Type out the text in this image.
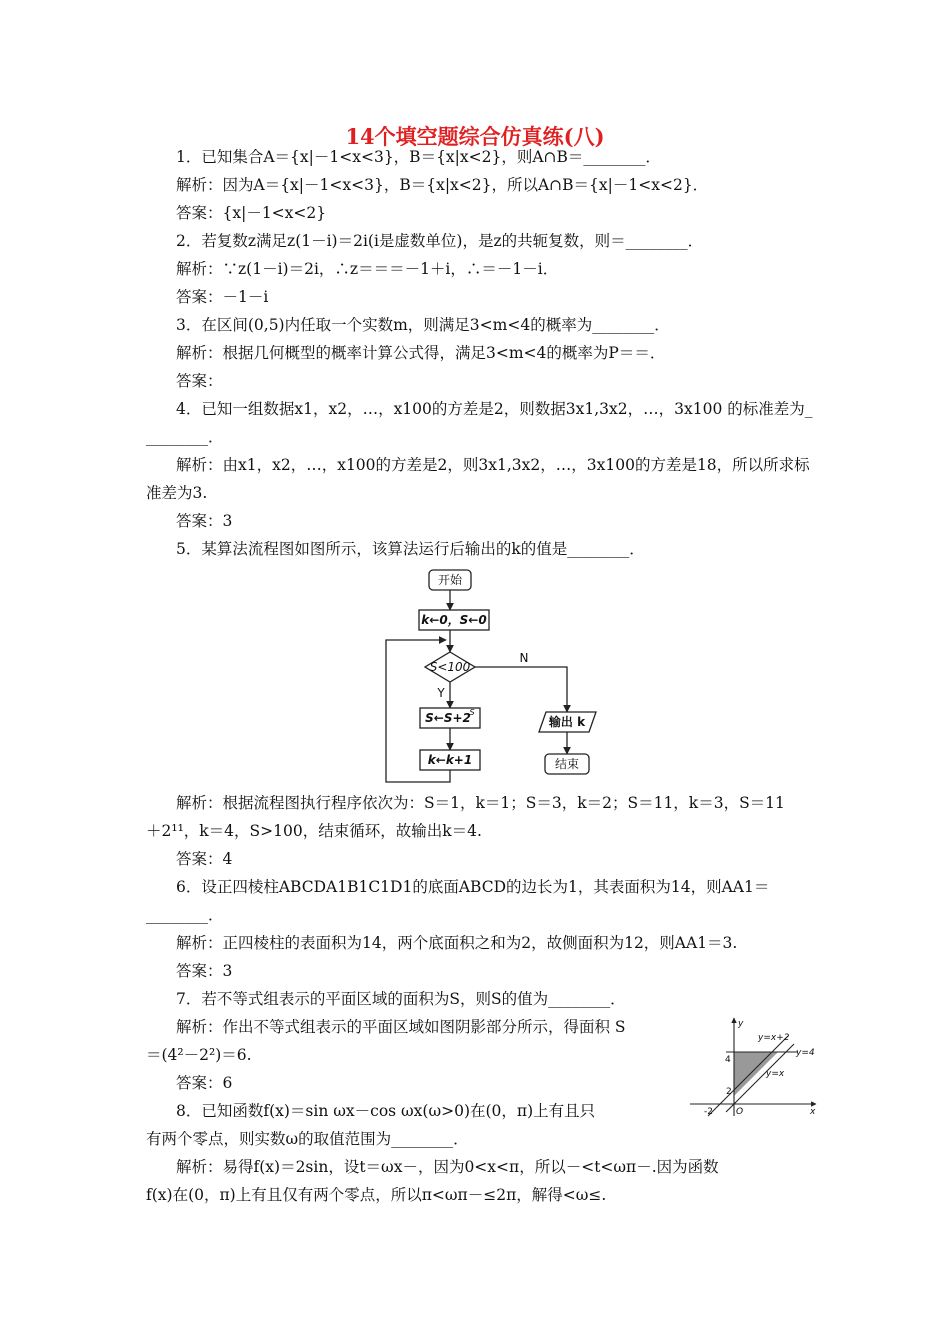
14个填空题综合仿真练(八)
1．已知集合A＝{x|－1<x<3}，B＝{x|x<2}，则A∩B＝________．
解析：因为A＝{x|－1<x<3}，B＝{x|x<2}，所以A∩B＝{x|－1<x<2}．
答案：{x|－1<x<2}
2．若复数z满足z(1－i)＝2i(i是虚数单位)，是z的共轭复数，则＝________．
解析：∵z(1－i)＝2i，∴z＝＝＝－1＋i，∴＝－1－i．
答案：－1－i
3．在区间(0,5)内任取一个实数m，则满足3<m<4的概率为________．
解析：根据几何概型的概率计算公式得，满足3<m<4的概率为P＝＝．
答案：
4．已知一组数据x1，x2，…，x100的方差是2，则数据3x1,3x2，…，3x100 的标准差为_
________．
解析：由x1，x2，…，x100的方差是2，则3x1,3x2，…，3x100的方差是18，所以所求标
准差为3.
答案：3
5．某算法流程图如图所示，该算法运行后输出的k的值是________．
开始
k←0，S←0
S<100
N
Y
S←S+2
S
k←k+1
输出 k
结束
解析：根据流程图执行程序依次为：S＝1，k＝1；S＝3，k＝2；S＝11，k＝3，S＝11
＋2¹¹，k＝4，S>100，结束循环，故输出k＝4.
答案：4
6．设正四棱柱ABCDA1B1C1D1的底面ABCD的边长为1，其表面积为14，则AA1＝
________．
解析：正四棱柱的表面积为14，两个底面积之和为2，故侧面积为12，则AA1＝3.
答案：3
7．若不等式组表示的平面区域的面积为S，则S的值为________．
解析：作出不等式组表示的平面区域如图阴影部分所示，得面积 S
＝(4²－2²)＝6.
答案：6
8．已知函数f(x)＝sin ωx－cos ωx(ω>0)在(0，π)上有且只
有两个零点，则实数ω的取值范围为________．
解析：易得f(x)＝2sin，设t＝ωx－，因为0<x<π，所以－<t<ωπ－.因为函数
f(x)在(0，π)上有且仅有两个零点，所以π<ωπ－≤2π，解得<ω≤.
y
x
y=x+2
y=4
y=x
4
2
-2	O
